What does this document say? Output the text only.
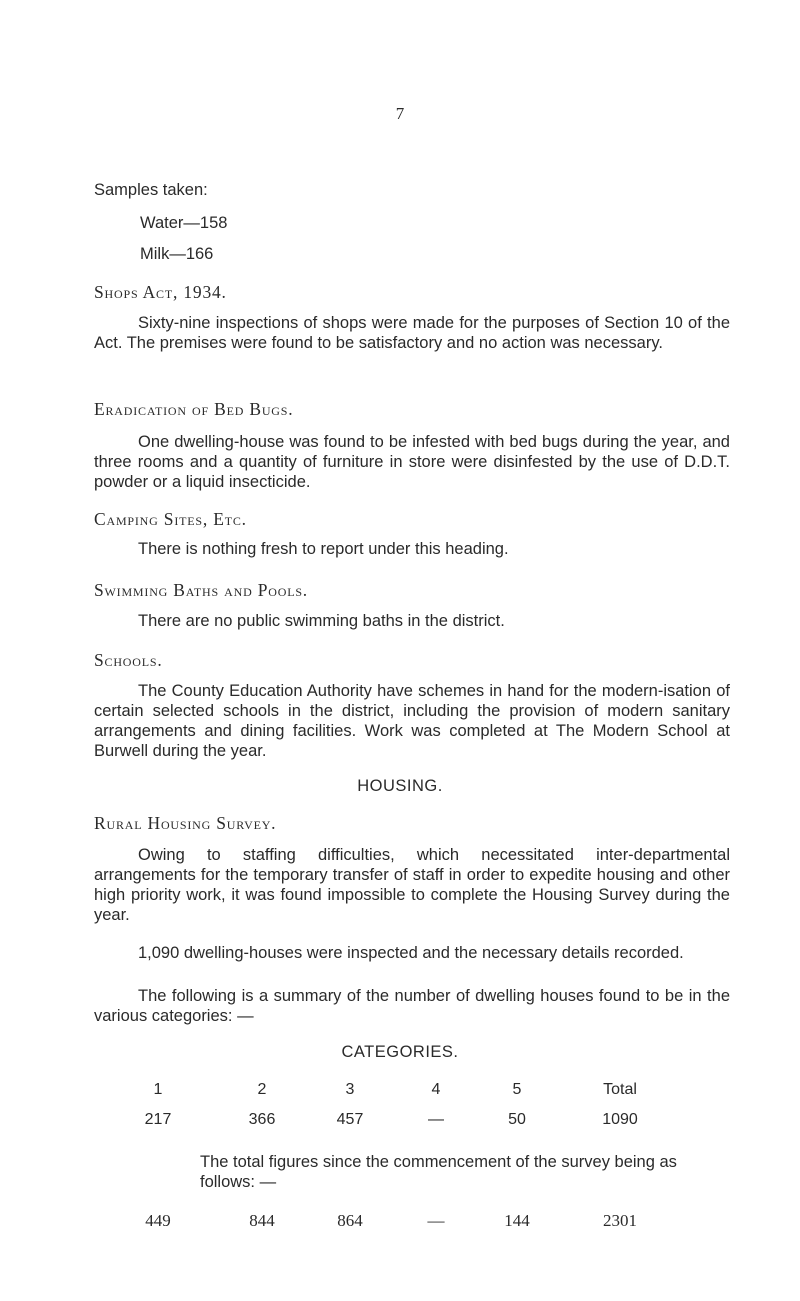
7
Samples taken:
Water—158
Milk—166
Shops Act, 1934.

Sixty-nine inspections of shops were made for the purposes of Section 10 of the Act. The premises were found to be satisfactory and no action was necessary.

Eradication of Bed Bugs.

One dwelling-house was found to be infested with bed bugs during the year, and three rooms and a quantity of furniture in store were disinfested by the use of D.D.T. powder or a liquid insecticide.

Camping Sites, Etc.

There is nothing fresh to report under this heading.

Swimming Baths and Pools.

There are no public swimming baths in the district.

Schools.

The County Education Authority have schemes in hand for the modern-isation of certain selected schools in the district, including the provision of modern sanitary arrangements and dining facilities. Work was completed at The Modern School at Burwell during the year.

HOUSING.
Rural Housing Survey.

Owing to staffing difficulties, which necessitated inter-departmental arrangements for the temporary transfer of staff in order to expedite housing and other high priority work, it was found impossible to complete the Housing Survey during the year.

1,090 dwelling-houses were inspected and the necessary details recorded.

The following is a summary of the number of dwelling houses found to be in the various categories: —

CATEGORIES.
1	2	3	4	5	Total
217	366	457	—	50	1090

The total figures since the commencement of the survey being as follows: —

449	844	864	—	144	2301
